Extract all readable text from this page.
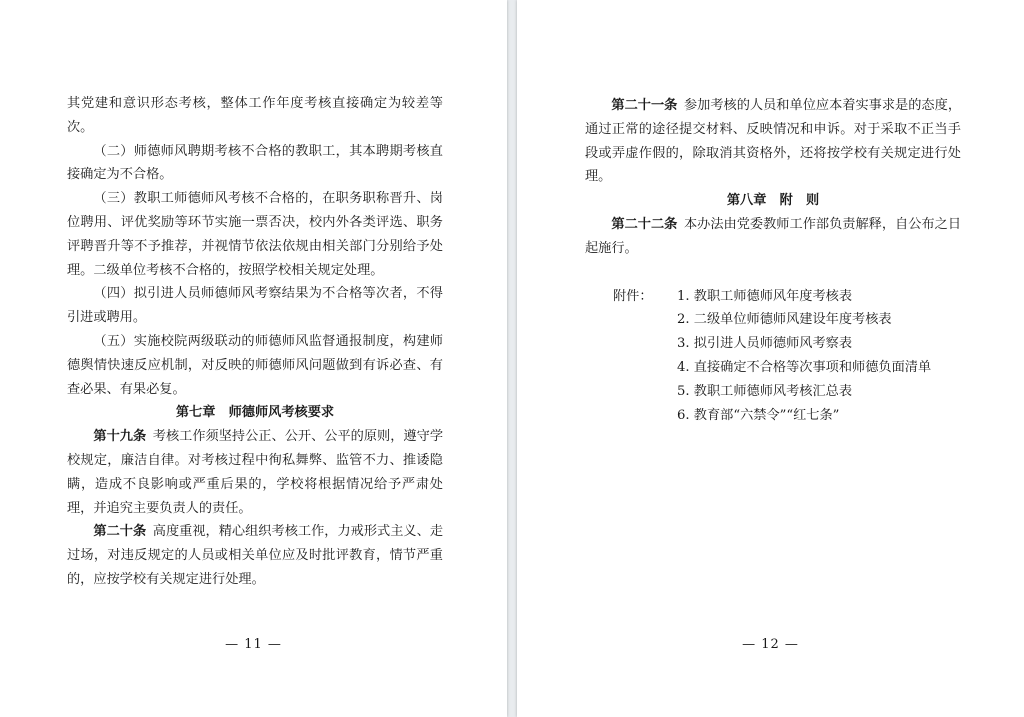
其党建和意识形态考核，整体工作年度考核直接确定为较差等次。

（二）师德师风聘期考核不合格的教职工，其本聘期考核直接确定为不合格。

（三）教职工师德师风考核不合格的，在职务职称晋升、岗位聘用、评优奖励等环节实施一票否决，校内外各类评选、职务评聘晋升等不予推荐，并视情节依法依规由相关部门分别给予处理。二级单位考核不合格的，按照学校相关规定处理。

（四）拟引进人员师德师风考察结果为不合格等次者，不得引进或聘用。

（五）实施校院两级联动的师德师风监督通报制度，构建师德舆情快速反应机制，对反映的师德师风问题做到有诉必查、有查必果、有果必复。

第七章　师德师风考核要求

第十九条 考核工作须坚持公正、公开、公平的原则，遵守学校规定，廉洁自律。对考核过程中徇私舞弊、监管不力、推诿隐瞒，造成不良影响或严重后果的，学校将根据情况给予严肃处理，并追究主要负责人的责任。

第二十条 高度重视，精心组织考核工作，力戒形式主义、走过场，对违反规定的人员或相关单位应及时批评教育，情节严重的，应按学校有关规定进行处理。

— 11 —

第二十一条 参加考核的人员和单位应本着实事求是的态度，通过正常的途径提交材料、反映情况和申诉。对于采取不正当手段或弄虚作假的，除取消其资格外，还将按学校有关规定进行处理。

第八章　附　则

第二十二条 本办法由党委教师工作部负责解释，自公布之日起施行。

附件：	1. 教职工师德师风年度考核表
2. 二级单位师德师风建设年度考核表
3. 拟引进人员师德师风考察表
4. 直接确定不合格等次事项和师德负面清单
5. 教职工师德师风考核汇总表
6. 教育部“六禁令”“红七条”
— 12 —
